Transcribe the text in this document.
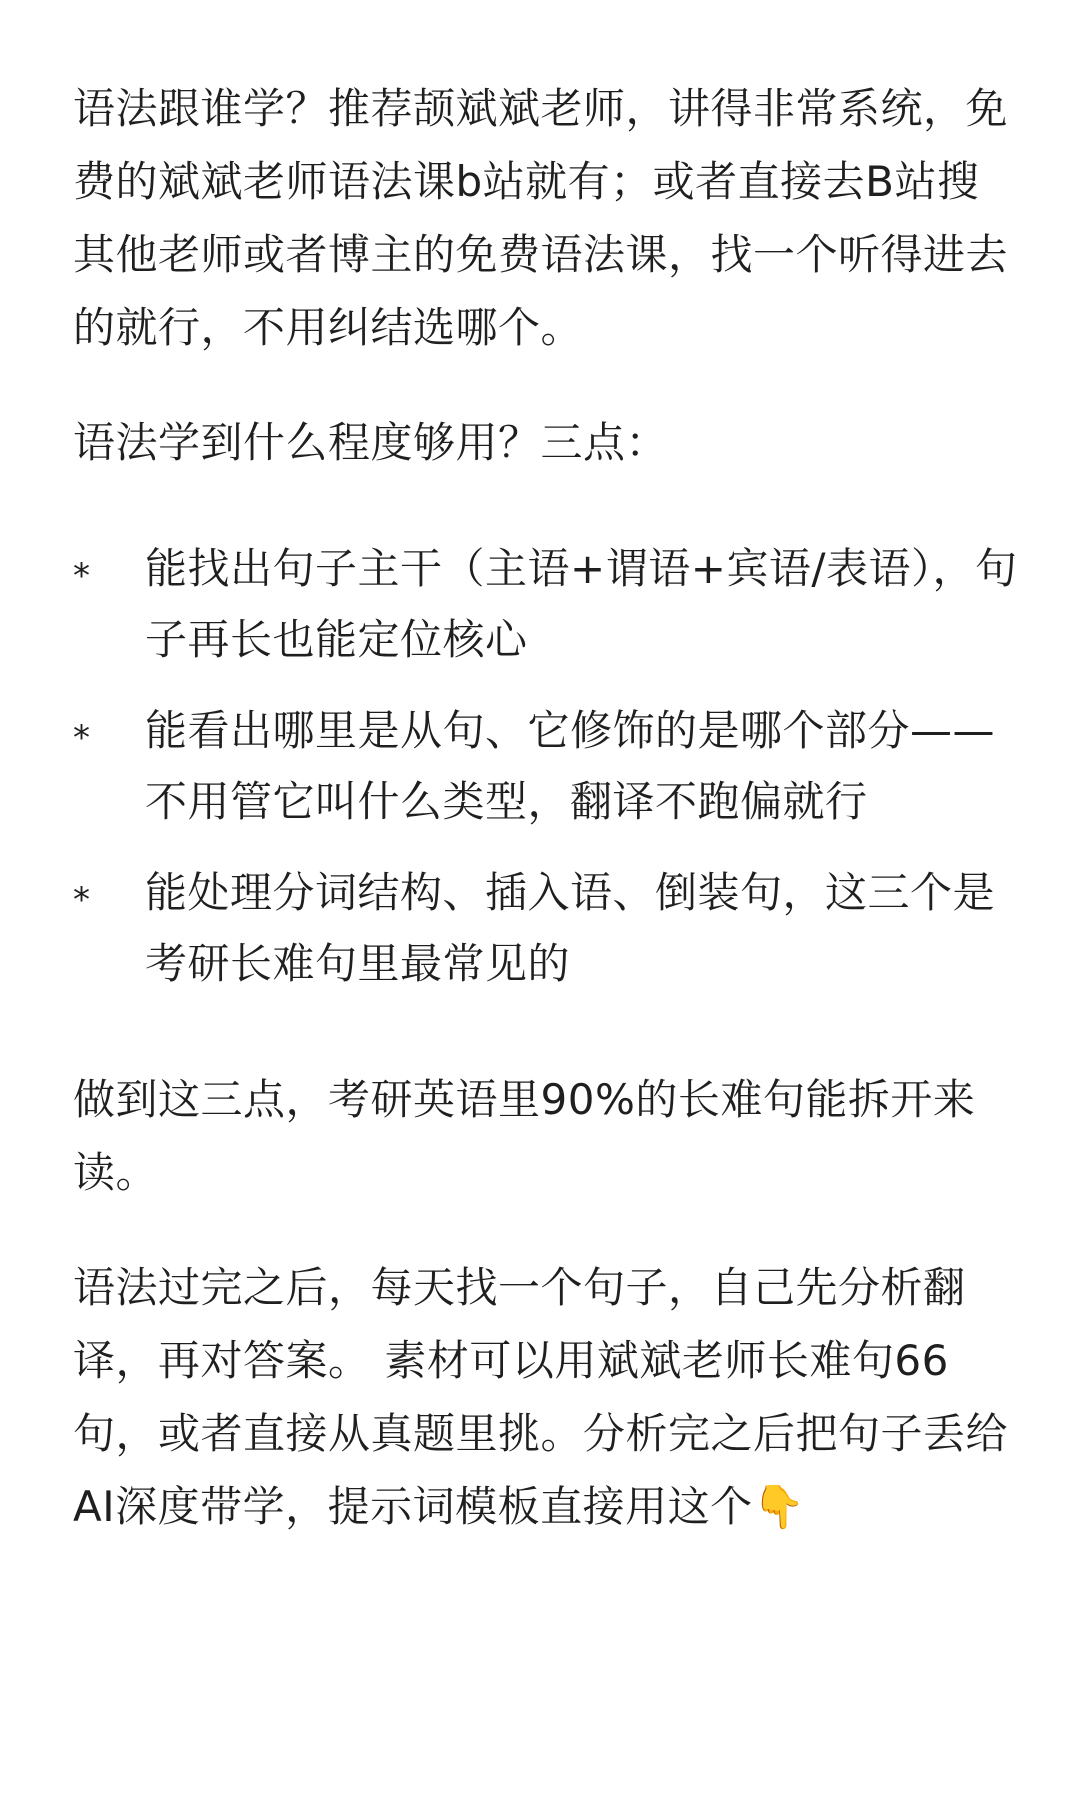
语法跟谁学？推荐颉斌斌老师，讲得非常系统，免费的斌斌老师语法课b站就有；或者直接去B站搜其他老师或者博主的免费语法课，找一个听得进去的就行，不用纠结选哪个。

语法学到什么程度够用？三点：

* 能找出句子主干（主语+谓语+宾语/表语），句子再长也能定位核心
* 能看出哪里是从句、它修饰的是哪个部分——不用管它叫什么类型，翻译不跑偏就行
* 能处理分词结构、插入语、倒装句，这三个是考研长难句里最常见的

做到这三点，考研英语里90%的长难句能拆开来读。

语法过完之后，每天找一个句子，自己先分析翻译，再对答案。 素材可以用斌斌老师长难句66句，或者直接从真题里挑。分析完之后把句子丢给AI深度带学，提示词模板直接用这个👇
